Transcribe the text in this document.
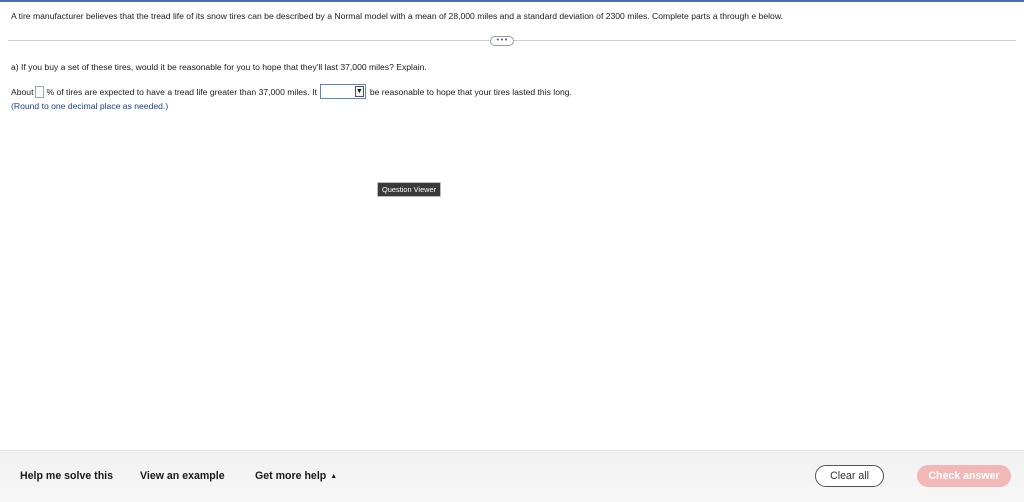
A tire manufacturer believes that the tread life of its snow tires can be described by a Normal model with a mean of 28,000 miles and a standard deviation of 2300 miles. Complete parts a through e below.
•••
a) If you buy a set of these tires, would it be reasonable for you to hope that they'll last 37,000 miles? Explain.
About % of tires are expected to have a tread life greater than 37,000 miles. It	▼ be reasonable to hope that your tires lasted this long.
(Round to one decimal place as needed.)
Question Viewer
Help me solve this	View an example	Get more help ▲	Clear all	Check answer
